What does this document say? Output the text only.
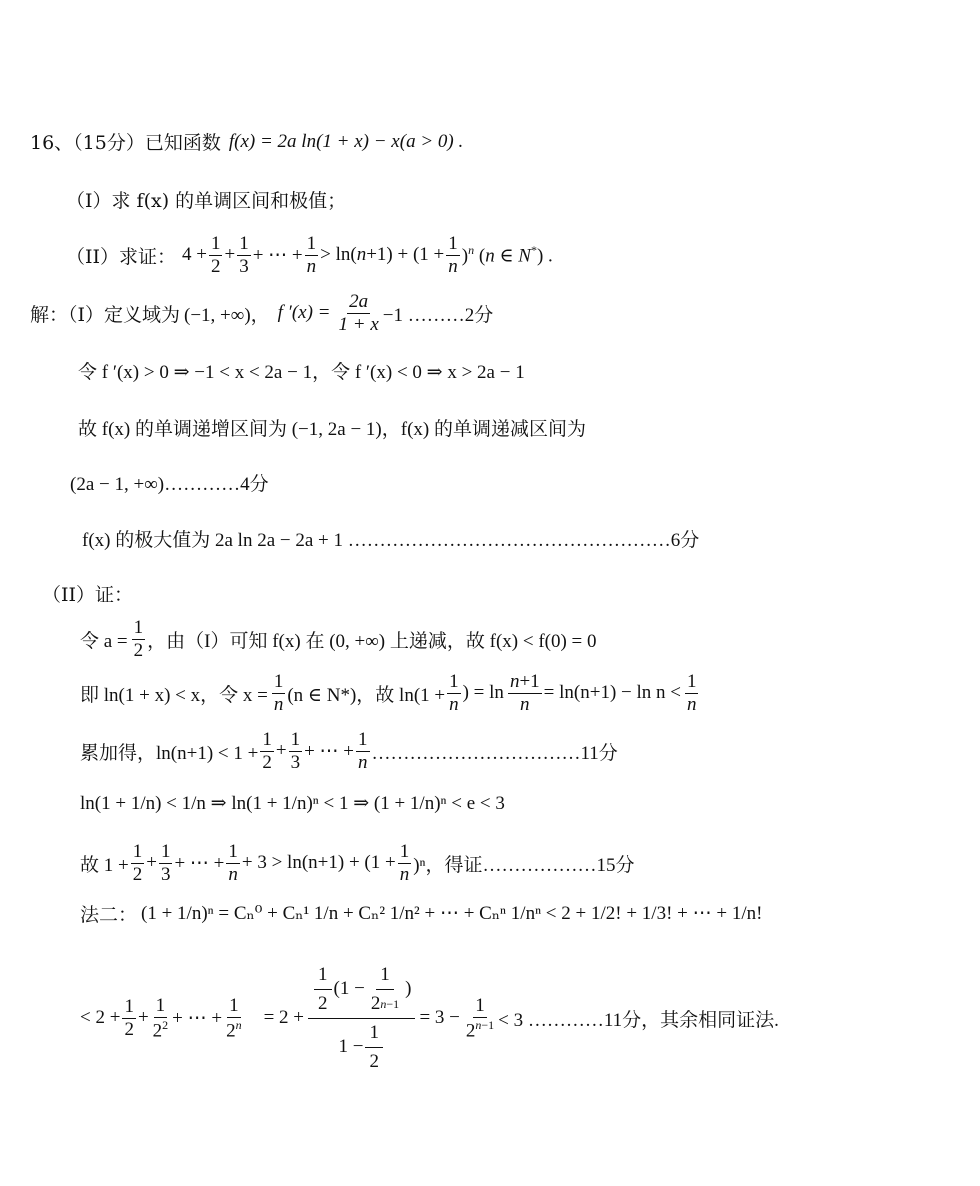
16、（15分）已知函数 f(x) = 2a ln(1 + x) − x(a > 0) .
（I）求 f(x) 的单调区间和极值；
（II）求证： $4 + \frac{1}{2} + \frac{1}{3}$ + ⋯ + $\frac{1}{n} > \ln(n+1) + (1 + \frac{1}{n} )^n$ (n ∈ N*) .
解：（I）定义域为 (−1, +∞)， f $'(x) = \frac{2a}{1 + x} -1$ ………2分
令 f ′(x) > 0 ⇒ −1 < x < 2a − 1，令 f ′(x) < 0 ⇒ x > 2a − 1
故 f(x) 的单调递增区间为 (−1, 2a − 1)，f(x) 的单调递减区间为
(2a − 1, +∞)…………4分
f(x) 的极大值为 2a ln 2a − 2a + 1 ……………………………………………6分
（II）证：
令 $a = \frac{1}{2}$ ，由（I）可知 f(x) 在 (0, +∞) 上递减，故 f(x) < f(0) = 0
即 ln(1 + x) < x，令 $x = \frac{1}{n} (n$ ∈ N*)，故 $\ln(1 + \frac{1}{n}$ ) = $\ln \frac{n+1}{n} = \ln(n+1) - \ln n < \frac{1}{n}$
累加得，$\ln(n+1) < 1 + \frac{1}{2} + \frac{1}{3}$ + ⋯ + $\frac{1}{n}$ ……………………………11分
ln(1 + 1/n) < 1/n ⇒ ln(1 + 1/n)ⁿ < 1 ⇒ (1 + 1/n)ⁿ < e < 3
故 $1 + \frac{1}{2} + \frac{1}{3}$ + ⋯ + $\frac{1}{n} + 3 > \ln(n+1) + (1 + \frac{1}{n} )^n$，得证………………15分
法二： (1 + 1/n)ⁿ = Cₙ⁰ + Cₙ¹ 1/n + Cₙ² 1/n² + ⋯ + Cₙⁿ 1/nⁿ < 2 + 1/2! + 1/3! + ⋯ + 1/n!
< $2 + \frac{1}{2} + \frac{1}{2^2}$ + ⋯ + $\frac{1}{2^n} = 2 + \frac{\frac{1}{2} (1 - \frac{1}{2 n-1} )}{1 - \frac{1}{2}} = 3 - \frac{1}{2^{n-1}} < 3$ …………11分，其余相同证法.
